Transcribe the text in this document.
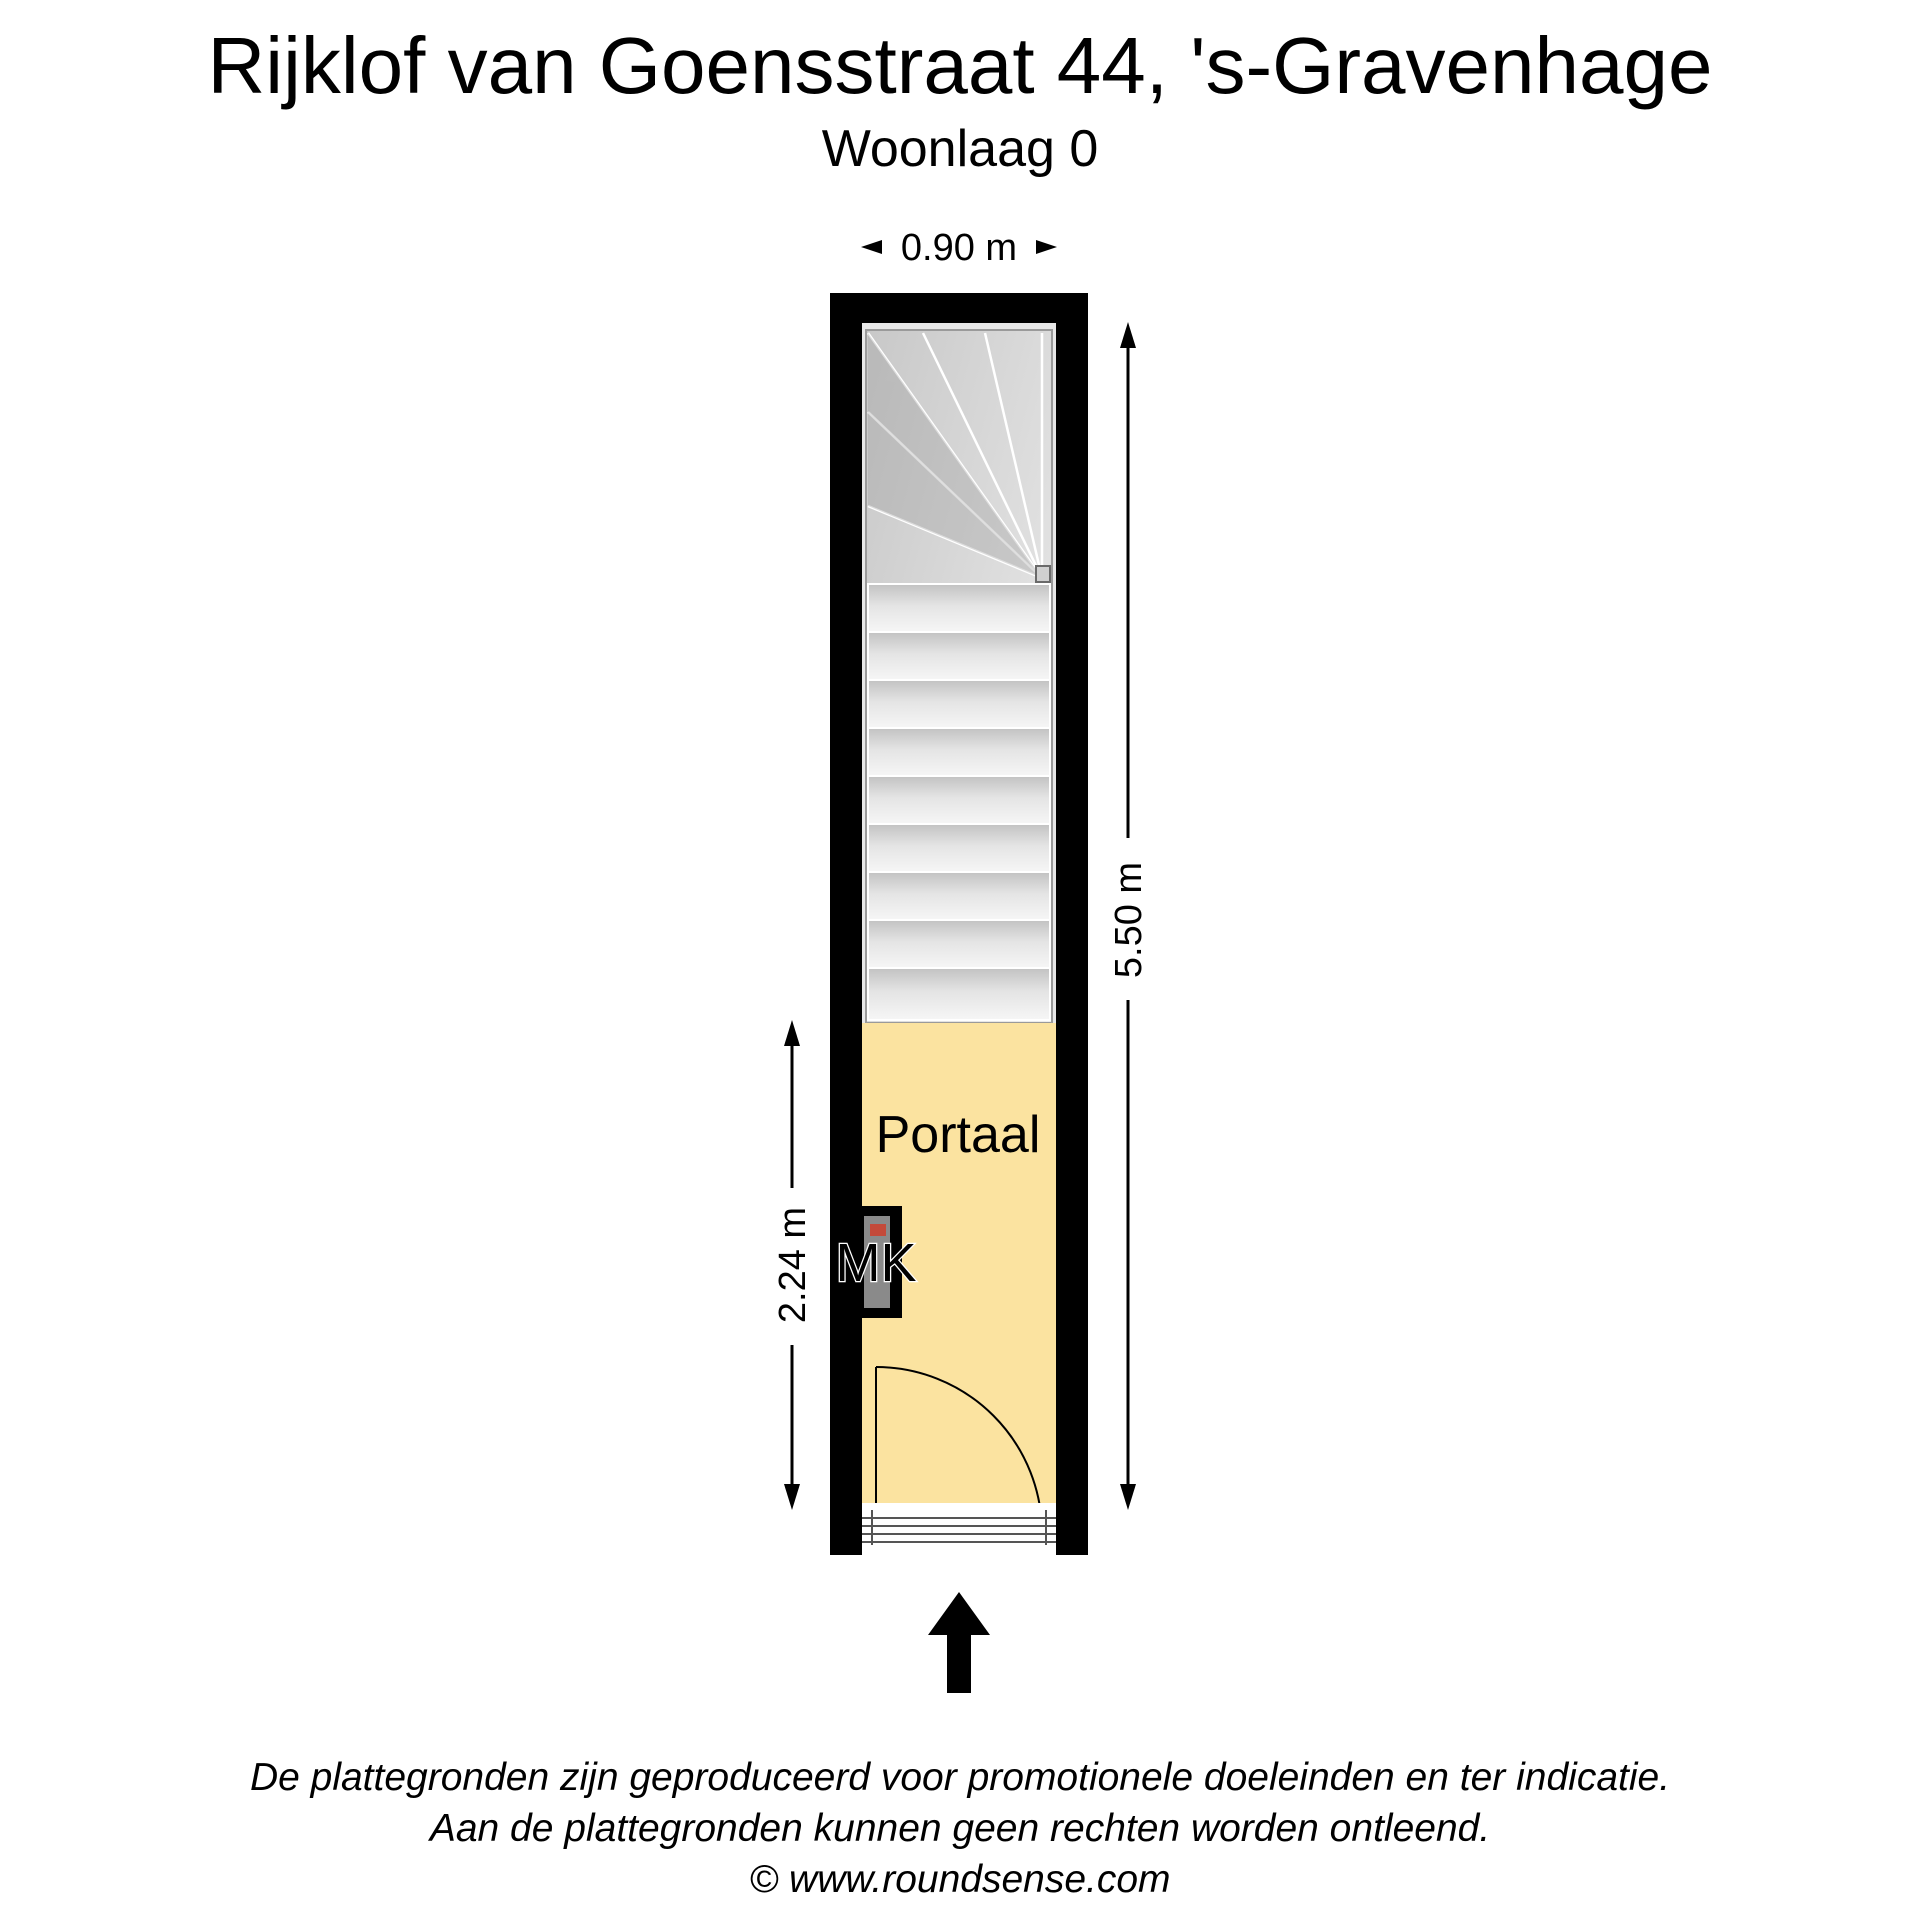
Rijklof van Goensstraat 44, 's-Gravenhage
Woonlaag 0
MK
Portaal
0.90 m
5.50 m
2.24 m
De plattegronden zijn geproduceerd voor promotionele doeleinden en ter indicatie.
Aan de plattegronden kunnen geen rechten worden ontleend.
© www.roundsense.com
